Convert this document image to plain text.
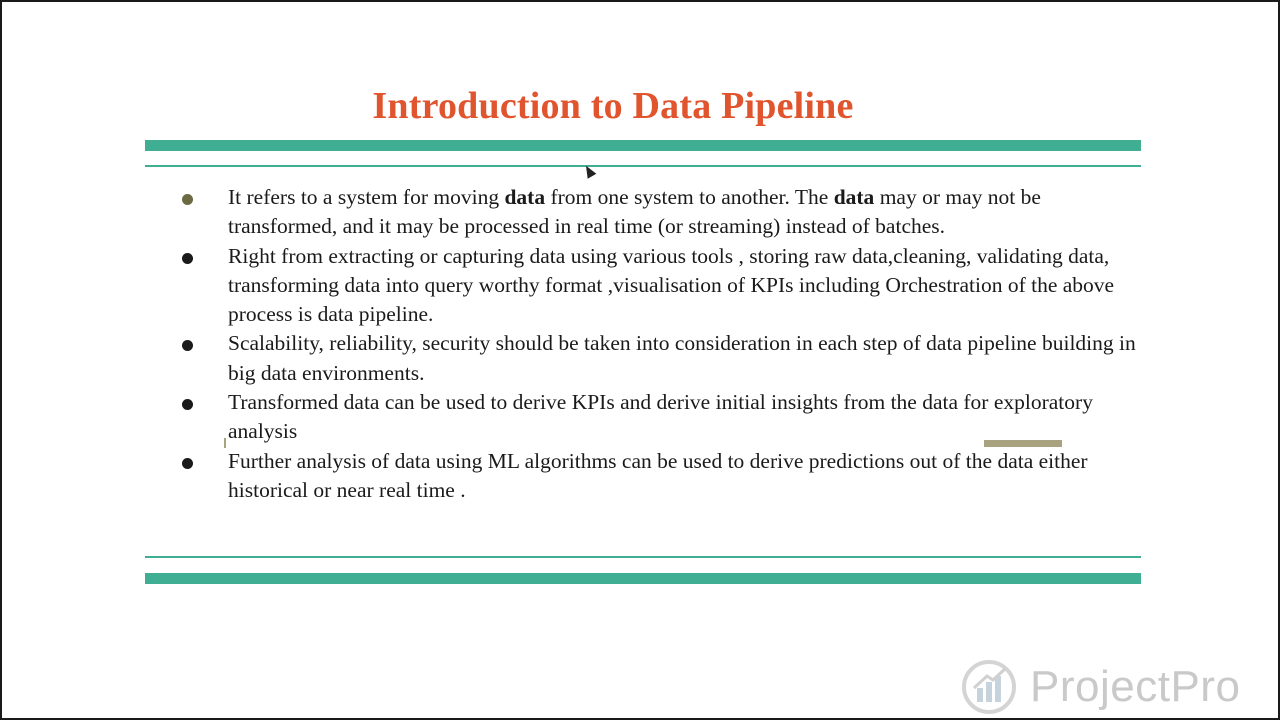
Introduction to Data Pipeline
It refers to a system for moving data from one system to another. The data may or may not be transformed, and it may be processed in real time (or streaming) instead of batches.
Right from extracting or capturing data using various tools , storing raw data,cleaning, validating data, transforming data into query worthy format ,visualisation of KPIs including Orchestration of the above process is data pipeline.
Scalability, reliability, security should be taken into consideration in each step of data pipeline building in big data environments.
Transformed data can be used to derive KPIs and derive initial insights from the data for exploratory analysis
Further analysis of data using ML algorithms can be used to derive predictions out of the data either historical or near real time .
ProjectPro
